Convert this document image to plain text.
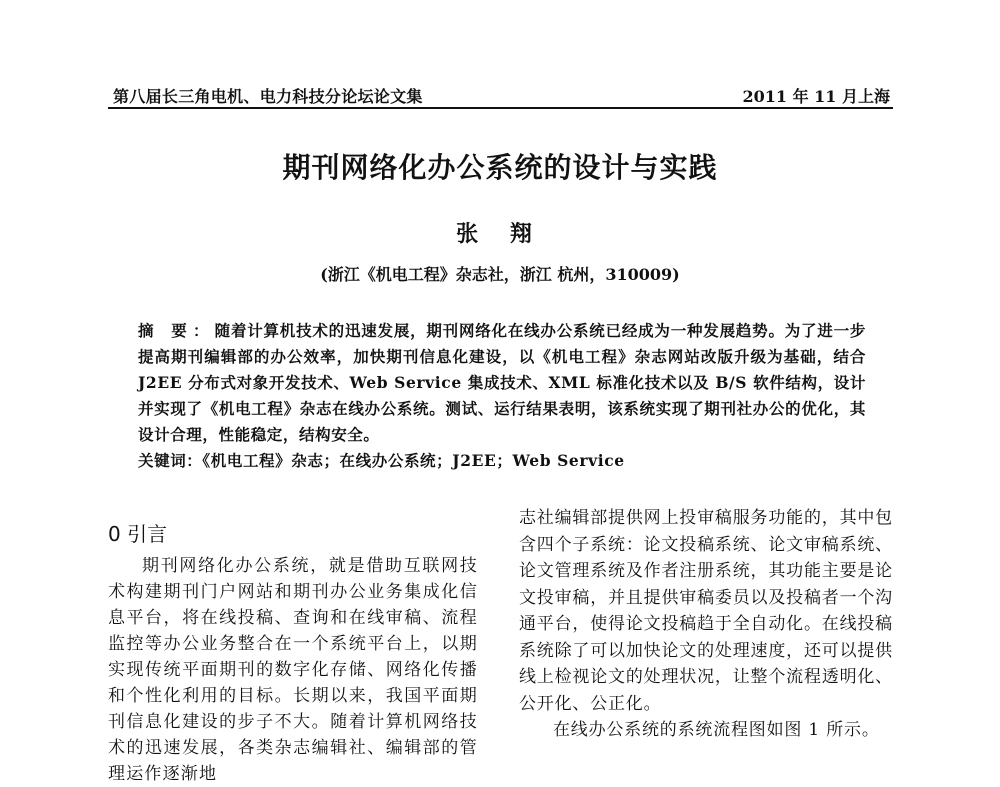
第八届长三角电机、电力科技分论坛论文集	2011 年 11 月上海
期刊网络化办公系统的设计与实践
张 翔
(浙江《机电工程》杂志社，浙江 杭州，310009)
摘 要：随着计算机技术的迅速发展，期刊网络化在线办公系统已经成为一种发展趋势。为了进一步提高期刊编辑部的办公效率，加快期刊信息化建设，以《机电工程》杂志网站改版升级为基础，结合 J2EE 分布式对象开发技术、Web Service 集成技术、XML 标准化技术以及 B/S 软件结构，设计并实现了《机电工程》杂志在线办公系统。测试、运行结果表明，该系统实现了期刊社办公的优化，其设计合理，性能稳定，结构安全。
关键词：《机电工程》杂志；在线办公系统；J2EE；Web Service
0 引言

期刊网络化办公系统，就是借助互联网技术构建期刊门户网站和期刊办公业务集成化信息平台，将在线投稿、查询和在线审稿、流程监控等办公业务整合在一个系统平台上，以期实现传统平面期刊的数字化存储、网络化传播和个性化利用的目标。长期以来，我国平面期刊信息化建设的步子不大。随着计算机网络技术的迅速发展，各类杂志编辑社、编辑部的管理运作逐渐地

志社编辑部提供网上投审稿服务功能的，其中包含四个子系统：论文投稿系统、论文审稿系统、论文管理系统及作者注册系统，其功能主要是论文投审稿，并且提供审稿委员以及投稿者一个沟通平台，使得论文投稿趋于全自动化。在线投稿系统除了可以加快论文的处理速度，还可以提供线上检视论文的处理状况，让整个流程透明化、公开化、公正化。

在线办公系统的系统流程图如图 1 所示。
